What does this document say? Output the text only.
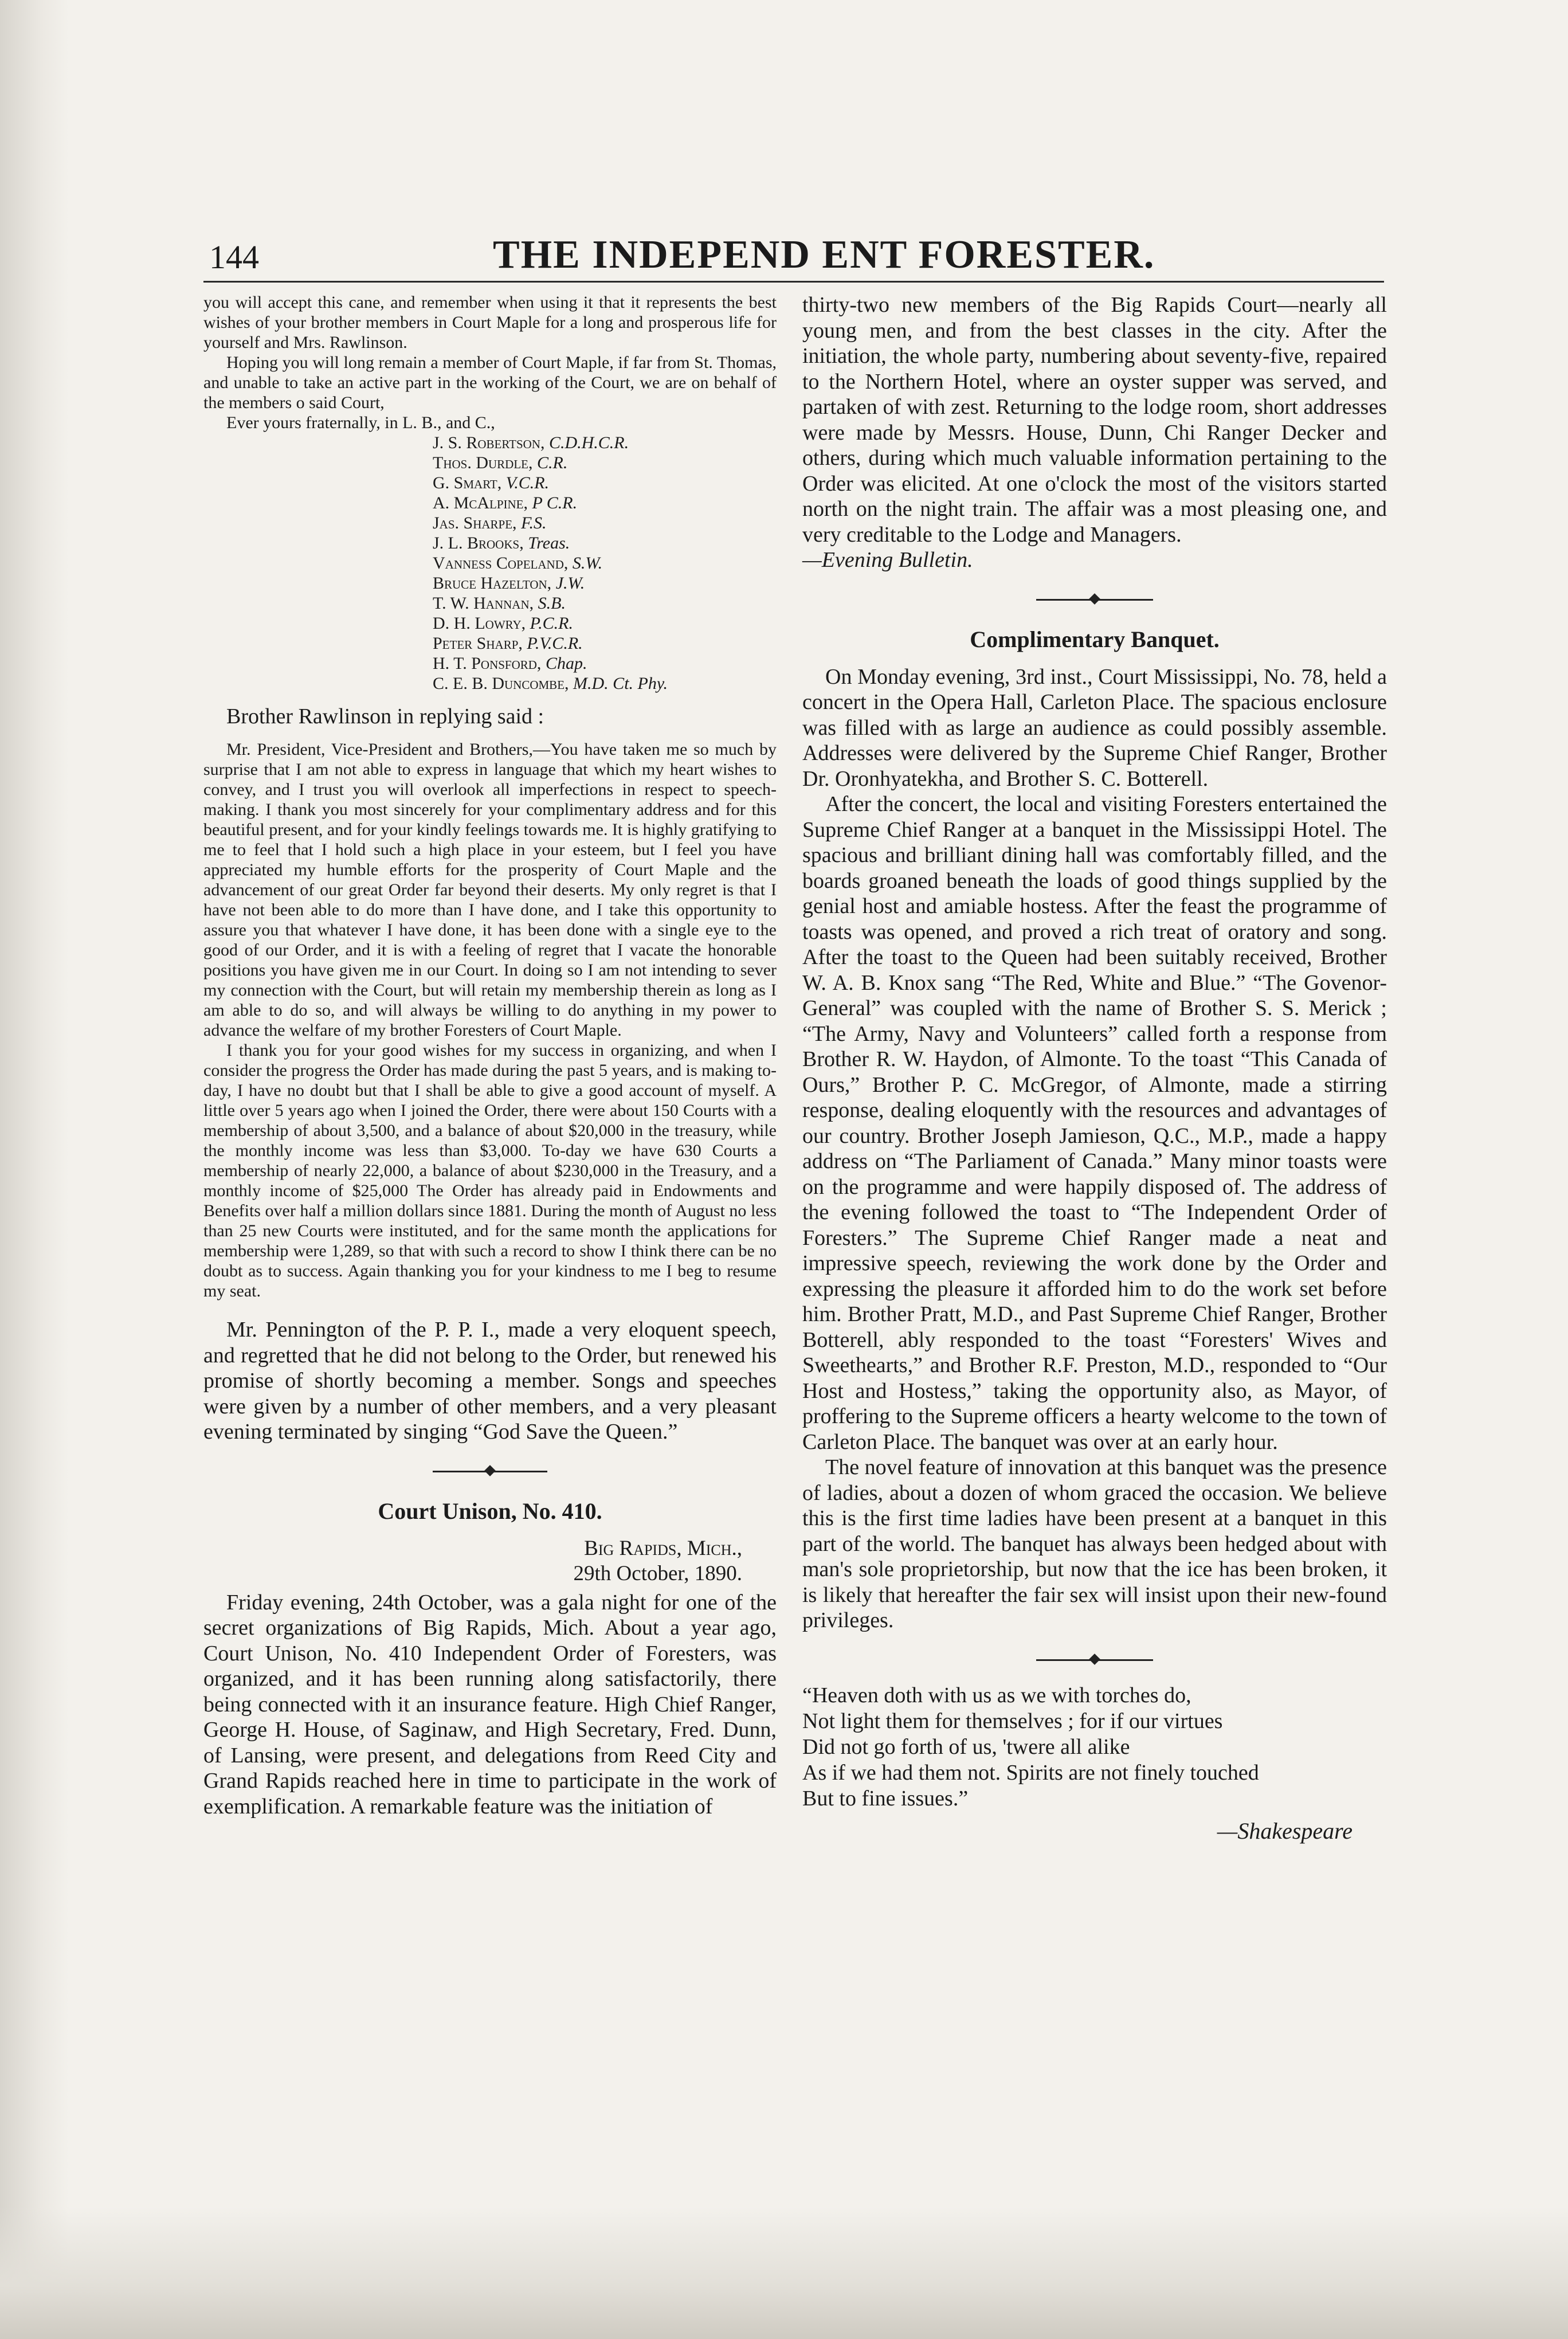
144	THE INDEPEND ENT FORESTER.

you will accept this cane, and remember when using it that it represents the best wishes of your brother members in Court Maple for a long and prosperous life for yourself and Mrs. Rawlinson.

Hoping you will long remain a member of Court Maple, if far from St. Thomas, and unable to take an active part in the working of the Court, we are on behalf of the members o said Court,

Ever yours fraternally, in L. B., and C.,

J. S. Robertson, C.D.H.C.R.
Thos. Durdle, C.R.
G. Smart, V.C.R.
A. McAlpine, P C.R.
Jas. Sharpe, F.S.
J. L. Brooks, Treas.
Vanness Copeland, S.W.
Bruce Hazelton, J.W.
T. W. Hannan, S.B.
D. H. Lowry, P.C.R.
Peter Sharp, P.V.C.R.
H. T. Ponsford, Chap.
C. E. B. Duncombe, M.D. Ct. Phy.
Brother Rawlinson in replying said :

Mr. President, Vice-President and Brothers,—You have taken me so much by surprise that I am not able to express in language that which my heart wishes to convey, and I trust you will overlook all imperfections in respect to speech-making. I thank you most sincerely for your complimentary address and for this beautiful present, and for your kindly feelings towards me. It is highly gratifying to me to feel that I hold such a high place in your esteem, but I feel you have appreciated my humble efforts for the prosperity of Court Maple and the advancement of our great Order far beyond their deserts. My only regret is that I have not been able to do more than I have done, and I take this opportunity to assure you that whatever I have done, it has been done with a single eye to the good of our Order, and it is with a feeling of regret that I vacate the honorable positions you have given me in our Court. In doing so I am not intending to sever my connection with the Court, but will retain my membership therein as long as I am able to do so, and will always be willing to do anything in my power to advance the welfare of my brother Foresters of Court Maple.

I thank you for your good wishes for my success in organizing, and when I consider the progress the Order has made during the past 5 years, and is making to-day, I have no doubt but that I shall be able to give a good account of myself. A little over 5 years ago when I joined the Order, there were about 150 Courts with a membership of about 3,500, and a balance of about $20,000 in the treasury, while the monthly income was less than $3,000. To-day we have 630 Courts a membership of nearly 22,000, a balance of about $230,000 in the Treasury, and a monthly income of $25,000 The Order has already paid in Endowments and Benefits over half a million dollars since 1881. During the month of August no less than 25 new Courts were instituted, and for the same month the applications for membership were 1,289, so that with such a record to show I think there can be no doubt as to success. Again thanking you for your kindness to me I beg to resume my seat.

Mr. Pennington of the P. P. I., made a very eloquent speech, and regretted that he did not belong to the Order, but renewed his promise of shortly becoming a member. Songs and speeches were given by a number of other members, and a very pleasant evening terminated by singing “God Save the Queen.”

Court Unison, No. 410.
Big Rapids, Mich.,
29th October, 1890.

Friday evening, 24th October, was a gala night for one of the secret organizations of Big Rapids, Mich. About a year ago, Court Unison, No. 410 Independent Order of Foresters, was organized, and it has been running along satisfactorily, there being connected with it an insurance feature. High Chief Ranger, George H. House, of Saginaw, and High Secretary, Fred. Dunn, of Lansing, were present, and delegations from Reed City and Grand Rapids reached here in time to participate in the work of exemplification. A remarkable feature was the initiation of

thirty-two new members of the Big Rapids Court—nearly all young men, and from the best classes in the city. After the initiation, the whole party, numbering about seventy-five, repaired to the Northern Hotel, where an oyster supper was served, and partaken of with zest. Returning to the lodge room, short addresses were made by Messrs. House, Dunn, Chi Ranger Decker and others, during which much valuable information pertaining to the Order was elicited. At one o'clock the most of the visitors started north on the night train. The affair was a most pleasing one, and very creditable to the Lodge and Managers.

—Evening Bulletin.

Complimentary Banquet.

On Monday evening, 3rd inst., Court Mississippi, No. 78, held a concert in the Opera Hall, Carleton Place. The spacious enclosure was filled with as large an audience as could possibly assemble. Addresses were delivered by the Supreme Chief Ranger, Brother Dr. Oronhyatekha, and Brother S. C. Botterell.

After the concert, the local and visiting Foresters entertained the Supreme Chief Ranger at a banquet in the Mississippi Hotel. The spacious and brilliant dining hall was comfortably filled, and the boards groaned beneath the loads of good things supplied by the genial host and amiable hostess. After the feast the programme of toasts was opened, and proved a rich treat of oratory and song. After the toast to the Queen had been suitably received, Brother W. A. B. Knox sang “The Red, White and Blue.” “The Govenor-General” was coupled with the name of Brother S. S. Merick ; “The Army, Navy and Volunteers” called forth a response from Brother R. W. Haydon, of Almonte. To the toast “This Canada of Ours,” Brother P. C. McGregor, of Almonte, made a stirring response, dealing eloquently with the resources and advantages of our country. Brother Joseph Jamieson, Q.C., M.P., made a happy address on “The Parliament of Canada.” Many minor toasts were on the programme and were happily disposed of. The address of the evening followed the toast to “The Independent Order of Foresters.” The Supreme Chief Ranger made a neat and impressive speech, reviewing the work done by the Order and expressing the pleasure it afforded him to do the work set before him. Brother Pratt, M.D., and Past Supreme Chief Ranger, Brother Botterell, ably responded to the toast “Foresters' Wives and Sweethearts,” and Brother R.F. Preston, M.D., responded to “Our Host and Hostess,” taking the opportunity also, as Mayor, of proffering to the Supreme officers a hearty welcome to the town of Carleton Place. The banquet was over at an early hour.

The novel feature of innovation at this banquet was the presence of ladies, about a dozen of whom graced the occasion. We believe this is the first time ladies have been present at a banquet in this part of the world. The banquet has always been hedged about with man's sole proprietorship, but now that the ice has been broken, it is likely that hereafter the fair sex will insist upon their new-found privileges.

“Heaven doth with us as we with torches do,
Not light them for themselves ; for if our virtues
Did not go forth of us, 'twere all alike
As if we had them not. Spirits are not finely touched
But to fine issues.”
—Shakespeare
